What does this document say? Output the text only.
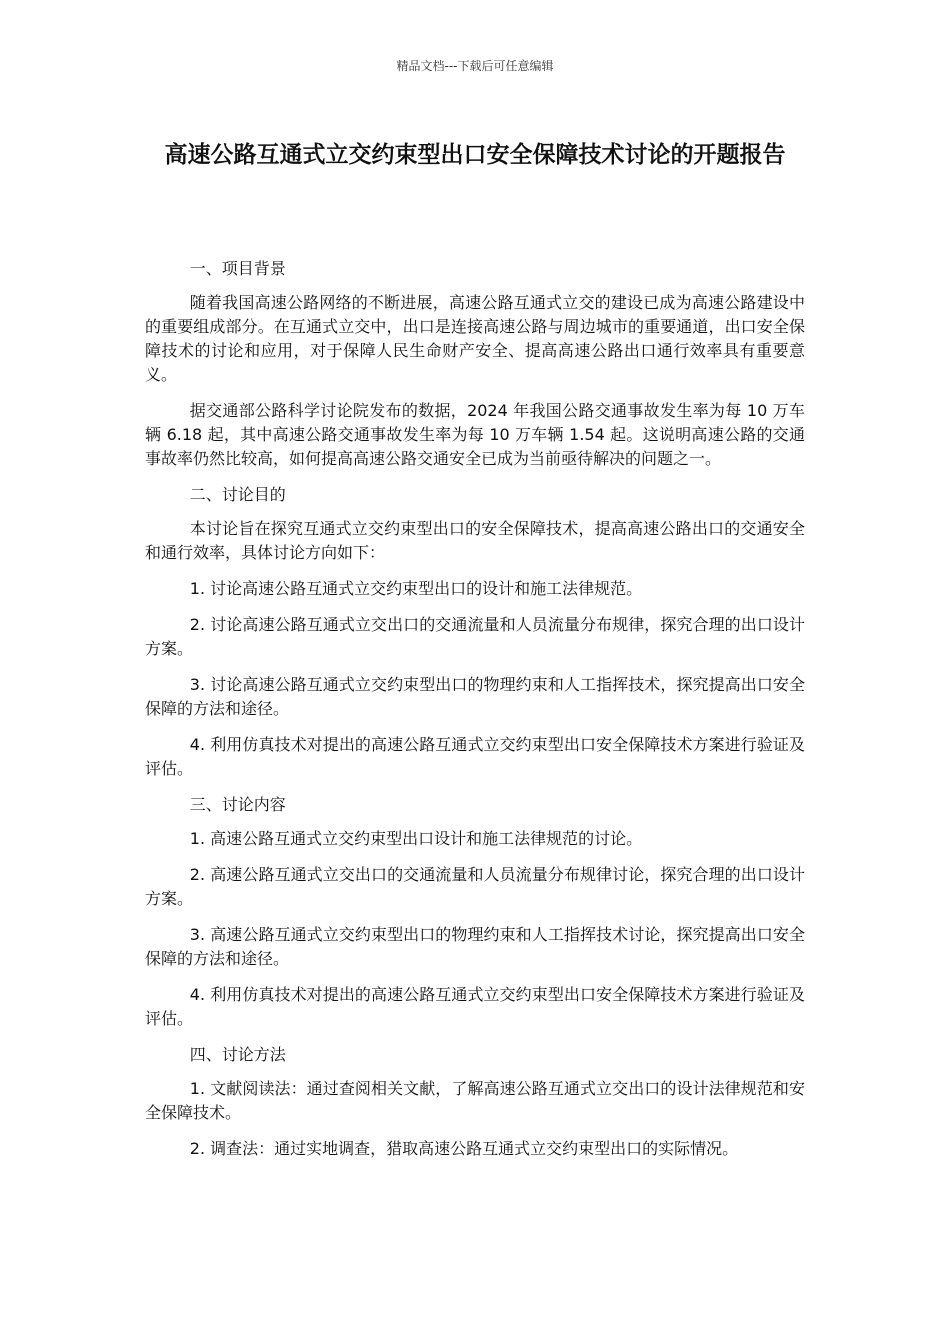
精品文档---下载后可任意编辑
高速公路互通式立交约束型出口安全保障技术讨论的开题报告

一、项目背景

随着我国高速公路网络的不断进展，高速公路互通式立交的建设已成为高速公路建设中的重要组成部分。在互通式立交中，出口是连接高速公路与周边城市的重要通道，出口安全保障技术的讨论和应用，对于保障人民生命财产安全、提高高速公路出口通行效率具有重要意义。

据交通部公路科学讨论院发布的数据，2024 年我国公路交通事故发生率为每 10 万车辆 6.18 起，其中高速公路交通事故发生率为每 10 万车辆 1.54 起。这说明高速公路的交通事故率仍然比较高，如何提高高速公路交通安全已成为当前亟待解决的问题之一。

二、讨论目的

本讨论旨在探究互通式立交约束型出口的安全保障技术，提高高速公路出口的交通安全和通行效率，具体讨论方向如下：

1. 讨论高速公路互通式立交约束型出口的设计和施工法律规范。

2. 讨论高速公路互通式立交出口的交通流量和人员流量分布规律，探究合理的出口设计方案。

3. 讨论高速公路互通式立交约束型出口的物理约束和人工指挥技术，探究提高出口安全保障的方法和途径。

4. 利用仿真技术对提出的高速公路互通式立交约束型出口安全保障技术方案进行验证及评估。

三、讨论内容

1. 高速公路互通式立交约束型出口设计和施工法律规范的讨论。

2. 高速公路互通式立交出口的交通流量和人员流量分布规律讨论，探究合理的出口设计方案。

3. 高速公路互通式立交约束型出口的物理约束和人工指挥技术讨论，探究提高出口安全保障的方法和途径。

4. 利用仿真技术对提出的高速公路互通式立交约束型出口安全保障技术方案进行验证及评估。

四、讨论方法

1. 文献阅读法：通过查阅相关文献，了解高速公路互通式立交出口的设计法律规范和安全保障技术。

2. 调查法：通过实地调查，猎取高速公路互通式立交约束型出口的实际情况。
